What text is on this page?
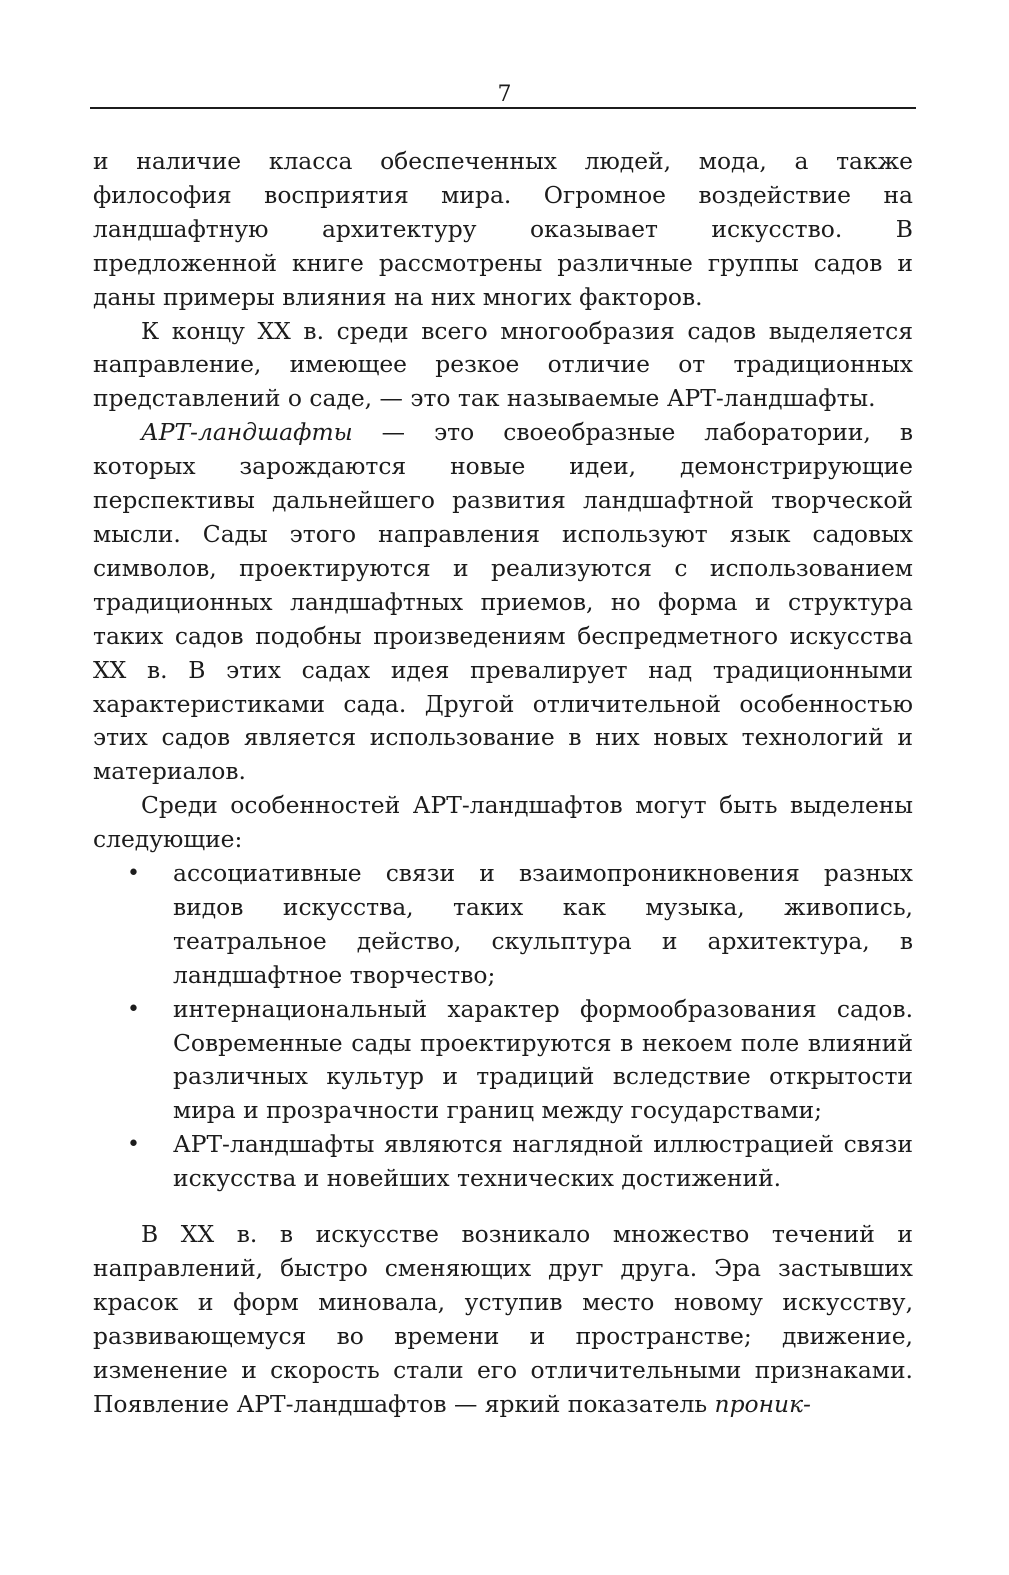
7

и наличие класса обеспеченных людей, мода, а также философия восприятия мира. Огромное воздействие на ландшафтную архитектуру оказывает искусство. В предложенной книге рассмотрены различные группы садов и даны примеры влияния на них многих факторов.

К концу XX в. среди всего многообразия садов выделяется направление, имеющее резкое отличие от традиционных представлений о саде, — это так называемые АРТ-ландшафты.

АРТ-ландшафты — это своеобразные лаборатории, в которых зарождаются новые идеи, демонстрирующие перспективы дальнейшего развития ландшафтной творческой мысли. Сады этого направления используют язык садовых символов, проектируются и реализуются с использованием традиционных ландшафтных приемов, но форма и структура таких садов подобны произведениям беспредметного искусства XX в. В этих садах идея превалирует над традиционными характеристиками сада. Другой отличительной особенностью этих садов является использование в них новых технологий и материалов.

Среди особенностей АРТ-ландшафтов могут быть выделены следующие:

• ассоциативные связи и взаимопроникновения разных видов искусства, таких как музыка, живопись, театральное действо, скульптура и архитектура, в ландшафтное творчество;
• интернациональный характер формообразования садов. Современные сады проектируются в некоем поле влияний различных культур и традиций вследствие открытости мира и прозрачности границ между государствами;
• АРТ-ландшафты являются наглядной иллюстрацией связи искусства и новейших технических достижений.

В XX в. в искусстве возникало множество течений и направлений, быстро сменяющих друг друга. Эра застывших красок и форм миновала, уступив место новому искусству, развивающемуся во времени и пространстве; движение, изменение и скорость стали его отличительными признаками. Появление АРТ-ландшафтов — яркий показатель проник-
